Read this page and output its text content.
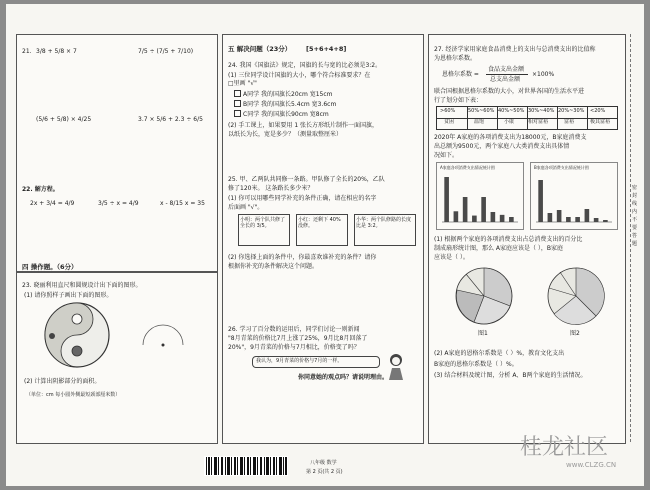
21. 3/8 + 5/8 × 7	7/5 ÷ (7/5 + 7/10)
(5/6 + 5/8) × 4/25	3.7 × 5/6 + 2.3 ÷ 6/5
22. 解方程。
2x + 3/4 = 4/9	3/5 ÷ x = 4/9	x - 8/15 x = 35
四 操作题。（6分）
23. 晓丽利用直尺和圆规设计出下面的图形。
(1) 请你照样子画出下面的图形。
(2) 计算出阴影部分的面积。
（单位：cm 每小圆外侧最短颈部厘米数）
五 解决问题（23分） [5+6+4+8]
24. 我国《国旗法》规定，国旗的长与宽的比必须是3:2。
(1) 三位同学设计国旗的大小，哪个符合标准要求？在
□里画 "√"
A同学 我的国旗长20cm 宽15cm
B同学 我的国旗长5.4cm 宽3.6cm
C同学 我的国旗长90cm 宽8cm
(2) 手工课上，如果要用 1 张长方形纸片制作一面国旗，
以纸长为长，宽是多少？（测量取整厘米）
25. 甲、乙两队共同修一条路。甲队修了全长的20%，乙队
修了120米。 这条路长多少米？
(1) 你可以用哪些同学补充的条件正确，请在相应的名字
后面画 "√"。
小明：两个队共修了全长的 3/5。
小红：还剩下 40%没修。
小华：两个队修路的长度比是 3:2。
(2) 你选择上面的条件中，你最喜欢谁补充的条件？请你
根据你补充的条件解决这个问题。
26. 学习了百分数的运用后，同学们讨论一则新闻
"8月青菜的价格比7月上涨了25%，9月比8月回落了
20%"，9月青菜的价格与7月相比，价格变了吗？
我认为，9月青菜的价格与7月的一样。
你同意她的观点吗？请说明理由。
27. 经济学家用家庭食品消费上的支出与总消费支出的比值称
为恩格尔系数。
恩格尔系数 =
食品支出金额
总支出金额
×100%
联合国根据恩格尔系数的大小，对世界各国的生活水平进
行了划分如下表：
>60%	50%~60% 40%~50% 30%~40% 20%~30% <20%
贫困	温饱	小康	相对富裕	富裕	极其富裕
2020年 A家庭的各项消费支出为18000元，B家庭消费支
出总额为9500元，两个家庭八大类消费支出具体情
况如下。
A家庭各项消费支出情况统计图	B家庭各项消费支出情况统计图
(1) 根据两个家庭的各项消费支出占总消费支出的百分比
制成扇形统计图，那么 A家庭应该是（ ），B家庭
应该是（ ）。
图1	图2
(2) A家庭的恩格尔系数是（ ）%，教育文化支出
B家庭的恩格尔系数是（ ）%。
(3) 结合材料及统计图，分析 A、B两个家庭的生活情况。
密 封 线 内 不 要 答 题
八年级 数学
第 2 页(共 2 页)
桂龙社区
www.CLZG.CN
